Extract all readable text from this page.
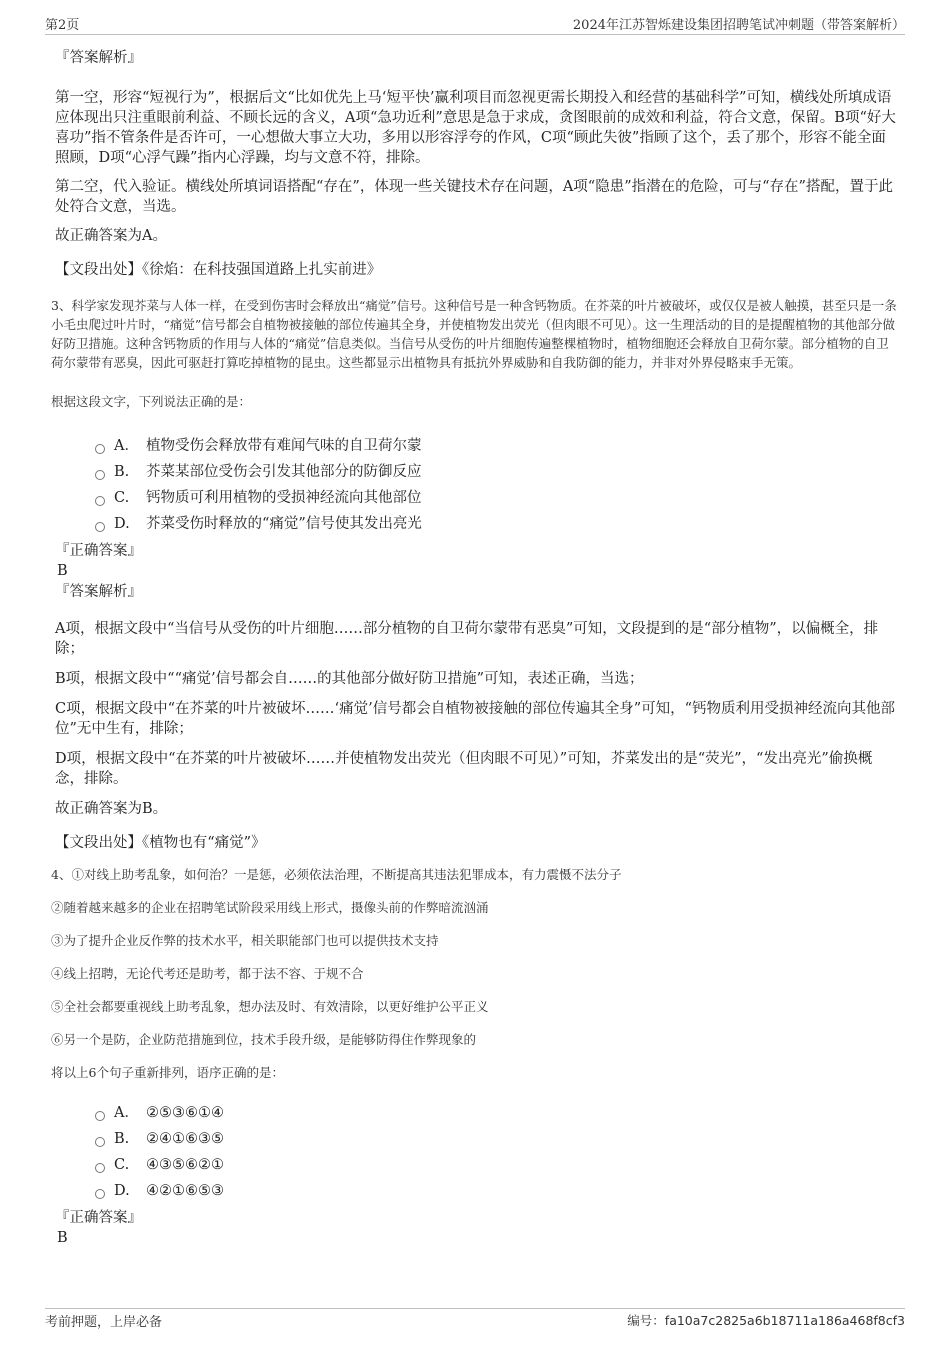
第2页	2024年江苏智烁建设集团招聘笔试冲刺题（带答案解析）
『答案解析』

第一空，形容“短视行为”，根据后文“比如优先上马‘短平快’赢利项目而忽视更需长期投入和经营的基础科学”可知，横线处所填成语应体现出只注重眼前利益、不顾长远的含义，A项“急功近利”意思是急于求成，贪图眼前的成效和利益，符合文意，保留。B项“好大喜功”指不管条件是否许可，一心想做大事立大功，多用以形容浮夸的作风，C项“顾此失彼”指顾了这个，丢了那个，形容不能全面照顾，D项“心浮气躁”指内心浮躁，均与文意不符，排除。

第二空，代入验证。横线处所填词语搭配“存在”，体现一些关键技术存在问题，A项“隐患”指潜在的危险，可与“存在”搭配，置于此处符合文意，当选。

故正确答案为A。

【文段出处】《徐焰：在科技强国道路上扎实前进》

3、科学家发现芥菜与人体一样，在受到伤害时会释放出“痛觉”信号。这种信号是一种含钙物质。在芥菜的叶片被破坏，或仅仅是被人触摸，甚至只是一条小毛虫爬过叶片时，“痛觉”信号都会自植物被接触的部位传遍其全身，并使植物发出荧光（但肉眼不可见）。这一生理活动的目的是提醒植物的其他部分做好防卫措施。这种含钙物质的作用与人体的“痛觉”信息类似。当信号从受伤的叶片细胞传遍整棵植物时，植物细胞还会释放自卫荷尔蒙。部分植物的自卫荷尔蒙带有恶臭，因此可驱赶打算吃掉植物的昆虫。这些都显示出植物具有抵抗外界威胁和自我防御的能力，并非对外界侵略束手无策。

根据这段文字，下列说法正确的是：

A． 植物受伤会释放带有难闻气味的自卫荷尔蒙
B.	芥菜某部位受伤会引发其他部分的防御反应
C.	钙物质可利用植物的受损神经流向其他部位
D.	芥菜受伤时释放的“痛觉”信号使其发出亮光
『正确答案』
B
『答案解析』

A项，根据文段中“当信号从受伤的叶片细胞……部分植物的自卫荷尔蒙带有恶臭”可知，文段提到的是“部分植物”，以偏概全，排除；

B项，根据文段中““痛觉’信号都会自……的其他部分做好防卫措施”可知，表述正确，当选；

C项，根据文段中“在芥菜的叶片被破坏……‘痛觉’信号都会自植物被接触的部位传遍其全身”可知，“钙物质利用受损神经流向其他部位”无中生有，排除；

D项，根据文段中“在芥菜的叶片被破坏……并使植物发出荧光（但肉眼不可见）”可知，芥菜发出的是“荧光”，“发出亮光”偷换概念，排除。

故正确答案为B。

【文段出处】《植物也有“痛觉”》

4、①对线上助考乱象，如何治？一是惩，必须依法治理，不断提高其违法犯罪成本，有力震慑不法分子

②随着越来越多的企业在招聘笔试阶段采用线上形式，摄像头前的作弊暗流汹涌

③为了提升企业反作弊的技术水平，相关职能部门也可以提供技术支持

④线上招聘，无论代考还是助考，都于法不容、于规不合

⑤全社会都要重视线上助考乱象，想办法及时、有效清除，以更好维护公平正义

⑥另一个是防，企业防范措施到位，技术手段升级，是能够防得住作弊现象的

将以上6个句子重新排列，语序正确的是：

A． ②⑤③⑥①④
B.	②④①⑥③⑤
C.	④③⑤⑥②①
D.	④②①⑥⑤③
『正确答案』
B
考前押题，上岸必备	编号：fa10a7c2825a6b18711a186a468f8cf3
